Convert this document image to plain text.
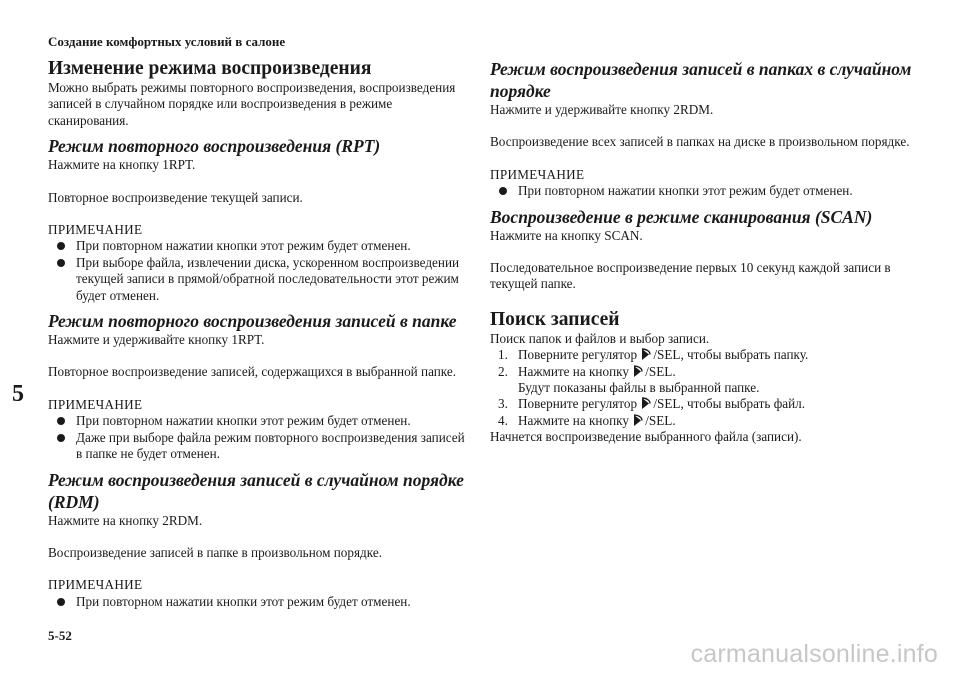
Создание комфортных условий в салоне
5
5-52
carmanualsonline.info
Изменение режима воспроизведения

Можно выбрать режимы повторного воспроизведения, воспроизведения записей в случайном порядке или воспроизведения в режиме сканирования.

Режим повторного воспроизведения (RPT)

Нажмите на кнопку 1RPT.

Повторное воспроизведение текущей записи.

ПРИМЕЧАНИЕ

При повторном нажатии кнопки этот режим будет отменен.

При выборе файла, извлечении диска, ускоренном воспроизведении текущей записи в прямой/обратной последовательности этот режим будет отменен.

Режим повторного воспроизведения записей в папке

Нажмите и удерживайте кнопку 1RPT.

Повторное воспроизведение записей, содержащихся в выбранной папке.

ПРИМЕЧАНИЕ

При повторном нажатии кнопки этот режим будет отменен.

Даже при выборе файла режим повторного воспроизведения записей в папке не будет отменен.

Режим воспроизведения записей в случайном порядке (RDM)

Нажмите на кнопку 2RDM.

Воспроизведение записей в папке в произвольном порядке.

ПРИМЕЧАНИЕ

При повторном нажатии кнопки этот режим будет отменен.

Режим воспроизведения записей в папках в случайном порядке

Нажмите и удерживайте кнопку 2RDM.

Воспроизведение всех записей в папках на диске в произвольном порядке.

ПРИМЕЧАНИЕ

При повторном нажатии кнопки этот режим будет отменен.

Воспроизведение в режиме сканирования (SCAN)

Нажмите на кнопку SCAN.

Последовательное воспроизведение первых 10 секунд каждой записи в текущей папке.

Поиск записей

Поиск папок и файлов и выбор записи.

1. Поверните регулятор /SEL, чтобы выбрать папку.

2. Нажмите на кнопку /SEL.

Будут показаны файлы в выбранной папке.

3. Поверните регулятор /SEL, чтобы выбрать файл.

4. Нажмите на кнопку /SEL.

Начнется воспроизведение выбранного файла (записи).
